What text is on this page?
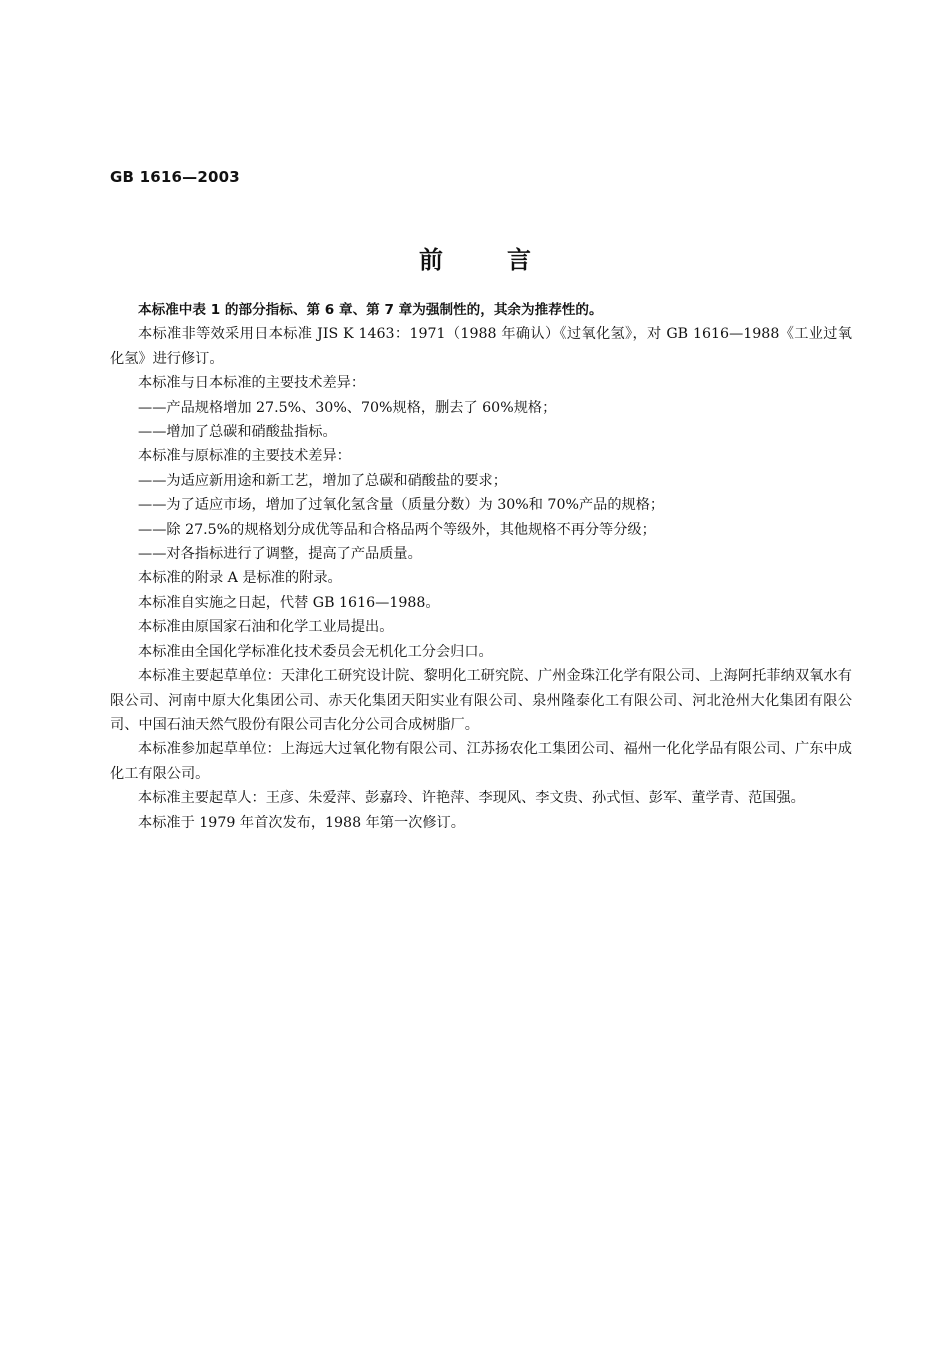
GB 1616—2003
前言

本标准中表 1 的部分指标、第 6 章、第 7 章为强制性的，其余为推荐性的。

本标准非等效采用日本标准 JIS K 1463：1971（1988 年确认）《过氧化氢》，对 GB 1616—1988《工业过氧化氢》进行修订。

本标准与日本标准的主要技术差异：

——产品规格增加 27.5%、30%、70%规格，删去了 60%规格；

——增加了总碳和硝酸盐指标。

本标准与原标准的主要技术差异：

——为适应新用途和新工艺，增加了总碳和硝酸盐的要求；

——为了适应市场，增加了过氧化氢含量（质量分数）为 30%和 70%产品的规格；

——除 27.5%的规格划分成优等品和合格品两个等级外，其他规格不再分等分级；

——对各指标进行了调整，提高了产品质量。

本标准的附录 A 是标准的附录。

本标准自实施之日起，代替 GB 1616—1988。

本标准由原国家石油和化学工业局提出。

本标准由全国化学标准化技术委员会无机化工分会归口。

本标准主要起草单位：天津化工研究设计院、黎明化工研究院、广州金珠江化学有限公司、上海阿托菲纳双氧水有限公司、河南中原大化集团公司、赤天化集团天阳实业有限公司、泉州隆泰化工有限公司、河北沧州大化集团有限公司、中国石油天然气股份有限公司吉化分公司合成树脂厂。

本标准参加起草单位：上海远大过氧化物有限公司、江苏扬农化工集团公司、福州一化化学品有限公司、广东中成化工有限公司。

本标准主要起草人：王彦、朱爱萍、彭嘉玲、许艳萍、李现风、李文贵、孙式恒、彭军、董学青、范国强。

本标准于 1979 年首次发布，1988 年第一次修订。
